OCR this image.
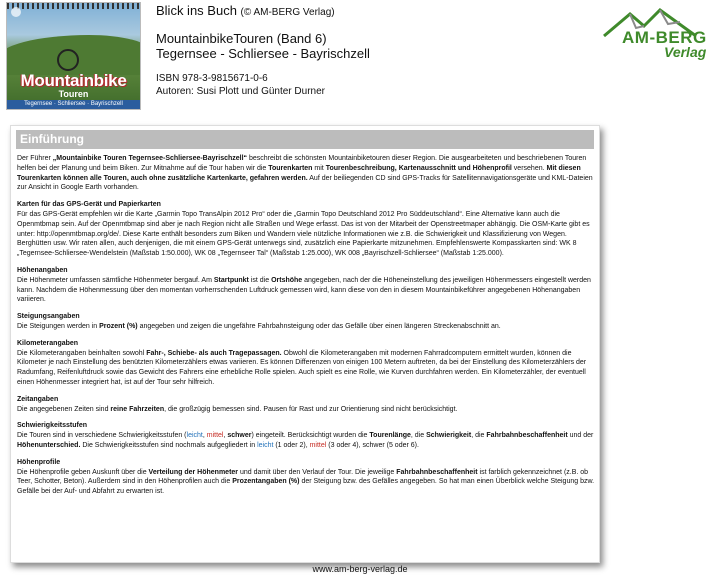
Mountainbike
Touren
Tegernsee · Schliersee · Bayrischzell
Blick ins Buch (© AM-BERG Verlag)
MountainbikeTouren (Band 6)
Tegernsee - Schliersee - Bayrischzell
ISBN 978-3-9815671-0-6
Autoren: Susi Plott und Günter Durner
AM-BERG
Verlag
Einführung

Der Führer „Mountainbike Touren Tegernsee-Schliersee-Bayrischzell“ beschreibt die schönsten Mountainbiketouren dieser Region. Die ausgearbeiteten und beschriebenen Touren helfen bei der Planung und beim Biken. Zur Mitnahme auf die Tour haben wir die Tourenkarten mit Tourenbeschreibung, Kartenausschnitt und Höhenprofil versehen. Mit diesen Tourenkarten können alle Touren, auch ohne zusätzliche Kartenkarte, gefahren werden. Auf der beiliegenden CD sind GPS-Tracks für Satellitennavigationsgeräte und KML-Dateien zur Ansicht in Google Earth vorhanden.

Karten für das GPS-Gerät und Papierkarten

Für das GPS-Gerät empfehlen wir die Karte „Garmin Topo TransAlpin 2012 Pro“ oder die „Garmin Topo Deutschland 2012 Pro Süddeutschland“. Eine Alternative kann auch die Openmtbmap sein. Auf der Openmtbmap sind aber je nach Region nicht alle Straßen und Wege erfasst. Das ist von der Mitarbeit der Openstreetmaper abhängig. Die OSM-Karte gibt es unter: http://openmtbmap.org/de/. Diese Karte enthält besonders zum Biken und Wandern viele nützliche Informationen wie z.B. die Schwierigkeit und Klassifizierung von Wegen. Berghütten usw. Wir raten allen, auch denjenigen, die mit einem GPS-Gerät unterwegs sind, zusätzlich eine Papierkarte mitzunehmen. Empfehlenswerte Kompasskarten sind: WK 8 „Tegernsee-Schliersee-Wendelstein (Maßstab 1:50.000), WK 08 „Tegernseer Tal“ (Maßstab 1:25.000), WK 008 „Bayrischzell-Schliersee“ (Maßstab 1:25.000).

Höhenangaben

Die Höhenmeter umfassen sämtliche Höhenmeter bergauf. Am Startpunkt ist die Ortshöhe angegeben, nach der die Höheneinstellung des jeweiligen Höhenmessers eingestellt werden kann. Nachdem die Höhenmessung über den momentan vorherrschenden Luftdruck gemessen wird, kann diese von den in diesem Mountainbikeführer angegebenen Höhenangaben variieren.

Steigungsangaben

Die Steigungen werden in Prozent (%) angegeben und zeigen die ungefähre Fahrbahnsteigung oder das Gefälle über einen längeren Streckenabschnitt an.

Kilometerangaben

Die Kilometerangaben beinhalten sowohl Fahr-, Schiebe- als auch Tragepassagen. Obwohl die Kilometerangaben mit modernen Fahrradcomputern ermittelt wurden, können die Kilometer je nach Einstellung des benützten Kilometerzählers etwas variieren. Es können Differenzen von einigen 100 Metern auftreten, da bei der Einstellung des Kilometerzählers der Radumfang, Reifenluftdruck sowie das Gewicht des Fahrers eine erhebliche Rolle spielen. Auch spielt es eine Rolle, wie Kurven durchfahren werden. Ein Kilometerzähler, der eventuell einen Höhenmesser integriert hat, ist auf der Tour sehr hilfreich.

Zeitangaben

Die angegebenen Zeiten sind reine Fahrzeiten, die großzügig bemessen sind. Pausen für Rast und zur Orientierung sind nicht berücksichtigt.

Schwierigkeitsstufen

Die Touren sind in verschiedene Schwierigkeitsstufen (leicht, mittel, schwer) eingeteilt. Berücksichtigt wurden die Tourenlänge, die Schwierigkeit, die Fahrbahnbeschaffenheit und der Höhenunterschied. Die Schwierigkeitsstufen sind nochmals aufgegliedert in leicht (1 oder 2), mittel (3 oder 4), schwer (5 oder 6).

Höhenprofile

Die Höhenprofile geben Auskunft über die Verteilung der Höhenmeter und damit über den Verlauf der Tour. Die jeweilige Fahrbahnbeschaffenheit ist farblich gekennzeichnet (z.B. ob Teer, Schotter, Beton). Außerdem sind in den Höhenprofilen auch die Prozentangaben (%) der Steigung bzw. des Gefälles angegeben. So hat man einen Überblick welche Steigung bzw. Gefälle bei der Auf- und Abfahrt zu erwarten ist.

www.am-berg-verlag.de
